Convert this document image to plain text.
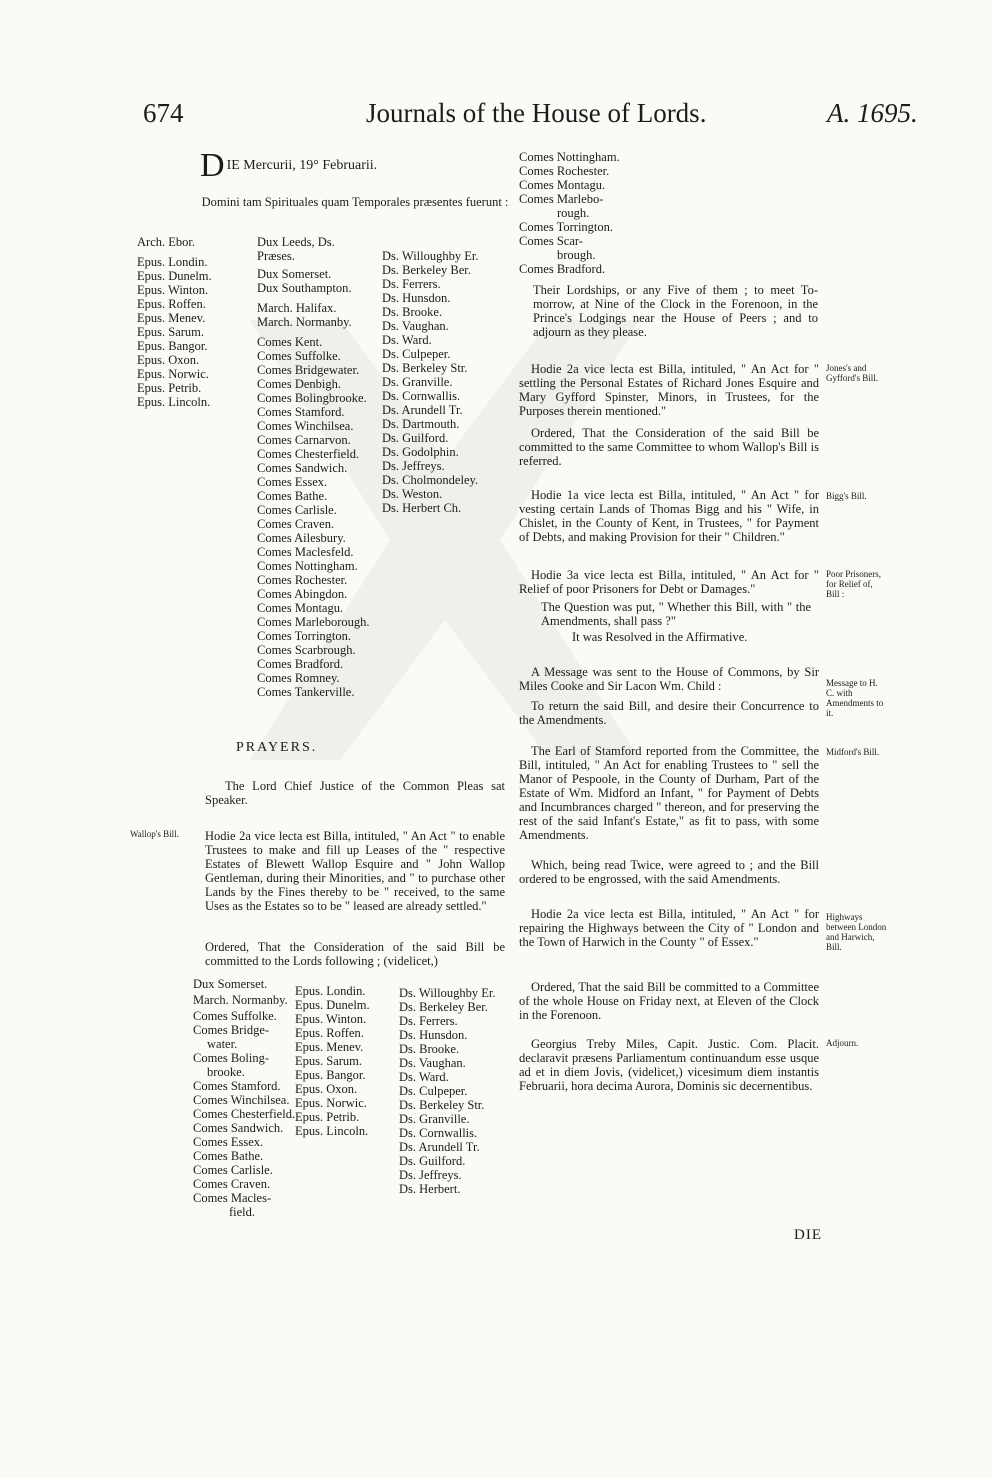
674	Journals of the House of Lords.	A. 1695.
D IE Mercurii, 19° Februarii.
Domini tam Spirituales quam Temporales præsentes fuerunt :
Arch. Ebor.
Epus. Londin.
Epus. Dunelm.
Epus. Winton.
Epus. Roffen.
Epus. Menev.
Epus. Sarum.
Epus. Bangor.
Epus. Oxon.
Epus. Norwic.
Epus. Petrib.
Epus. Lincoln.
Dux Leeds, Ds. Præses.
Dux Somerset.
Dux Southampton.
March. Halifax.
March. Normanby.
Comes Kent.
Comes Suffolke.
Comes Bridgewater.
Comes Denbigh.
Comes Bolingbrooke.
Comes Stamford.
Comes Winchilsea.
Comes Carnarvon.
Comes Chesterfield.
Comes Sandwich.
Comes Essex.
Comes Bathe.
Comes Carlisle.
Comes Craven.
Comes Ailesbury.
Comes Maclesfeld.
Comes Nottingham.
Comes Rochester.
Comes Abingdon.
Comes Montagu.
Comes Marleborough.
Comes Torrington.
Comes Scarbrough.
Comes Bradford.
Comes Romney.
Comes Tankerville.
Ds. Willoughby Er.
Ds. Berkeley Ber.
Ds. Ferrers.
Ds. Hunsdon.
Ds. Brooke.
Ds. Vaughan.
Ds. Ward.
Ds. Culpeper.
Ds. Berkeley Str.
Ds. Granville.
Ds. Cornwallis.
Ds. Arundell Tr.
Ds. Dartmouth.
Ds. Guilford.
Ds. Godolphin.
Ds. Jeffreys.
Ds. Cholmondeley.
Ds. Weston.
Ds. Herbert Ch.
PRAYERS.
The Lord Chief Justice of the Common Pleas sat Speaker.
Wallop's Bill. Hodie 2a vice lecta est Billa, intituled, " An Act " to enable Trustees to make and fill up Leases of the " respective Estates of Blewett Wallop Esquire and " John Wallop Gentleman, during their Minorities, and " to purchase other Lands by the Fines thereby to be " received, to the same Uses as the Estates so to be " leased are already settled."
Ordered, That the Consideration of the said Bill be committed to the Lords following ; (videlicet,)
Dux Somerset.
March. Normanby.
Comes Suffolke.
Comes Bridge-
water.
Comes Boling-
brooke.
Comes Stamford.
Comes Winchilsea.
Comes Chesterfield.
Comes Sandwich.
Comes Essex.
Comes Bathe.
Comes Carlisle.
Comes Craven.
Comes Macles-
field.
Epus. Londin.
Epus. Dunelm.
Epus. Winton.
Epus. Roffen.
Epus. Menev.
Epus. Sarum.
Epus. Bangor.
Epus. Oxon.
Epus. Norwic.
Epus. Petrib.
Epus. Lincoln.
Ds. Willoughby Er.
Ds. Berkeley Ber.
Ds. Ferrers.
Ds. Hunsdon.
Ds. Brooke.
Ds. Vaughan.
Ds. Ward.
Ds. Culpeper.
Ds. Berkeley Str.
Ds. Granville.
Ds. Cornwallis.
Ds. Arundell Tr.
Ds. Guilford.
Ds. Jeffreys.
Ds. Herbert.
Comes Nottingham.
Comes Rochester.
Comes Montagu.
Comes Marlebo-
rough.
Comes Torrington.
Comes Scar-
brough.
Comes Bradford.
Their Lordships, or any Five of them ; to meet To-morrow, at Nine of the Clock in the Forenoon, in the Prince's Lodgings near the House of Peers ; and to adjourn as they please.
Hodie 2a vice lecta est Billa, intituled, " An Act for " settling the Personal Estates of Richard Jones Esquire and Mary Gyfford Spinster, Minors, in Trustees, for the Purposes therein mentioned."
Ordered, That the Consideration of the said Bill be committed to the same Committee to whom Wallop's Bill is referred.
Hodie 1a vice lecta est Billa, intituled, " An Act " for vesting certain Lands of Thomas Bigg and his " Wife, in Chislet, in the County of Kent, in Trustees, " for Payment of Debts, and making Provision for their " Children."
Hodie 3a vice lecta est Billa, intituled, " An Act for " Relief of poor Prisoners for Debt or Damages."
The Question was put, " Whether this Bill, with " the Amendments, shall pass ?"
It was Resolved in the Affirmative.
A Message was sent to the House of Commons, by Sir Miles Cooke and Sir Lacon Wm. Child :
To return the said Bill, and desire their Concurrence to the Amendments.
The Earl of Stamford reported from the Committee, the Bill, intituled, " An Act for enabling Trustees to " sell the Manor of Pespoole, in the County of Durham, Part of the Estate of Wm. Midford an Infant, " for Payment of Debts and Incumbrances charged " thereon, and for preserving the rest of the said Infant's Estate," as fit to pass, with some Amendments.
Which, being read Twice, were agreed to ; and the Bill ordered to be engrossed, with the said Amendments.
Hodie 2a vice lecta est Billa, intituled, " An Act " for repairing the Highways between the City of " London and the Town of Harwich in the County " of Essex."
Ordered, That the said Bill be committed to a Committee of the whole House on Friday next, at Eleven of the Clock in the Forenoon.
Georgius Treby Miles, Capit. Justic. Com. Placit. declaravit præsens Parliamentum continuandum esse usque ad et in diem Jovis, (videlicet,) vicesimum diem instantis Februarii, hora decima Aurora, Dominis sic decernentibus.
Jones's and Gyfford's Bill.
Bigg's Bill.
Poor Prisoners, for Relief of, Bill :
Message to H. C. with Amendments to it.
Midford's Bill.
Highways between London and Harwich, Bill.
Adjourn.
DIE
